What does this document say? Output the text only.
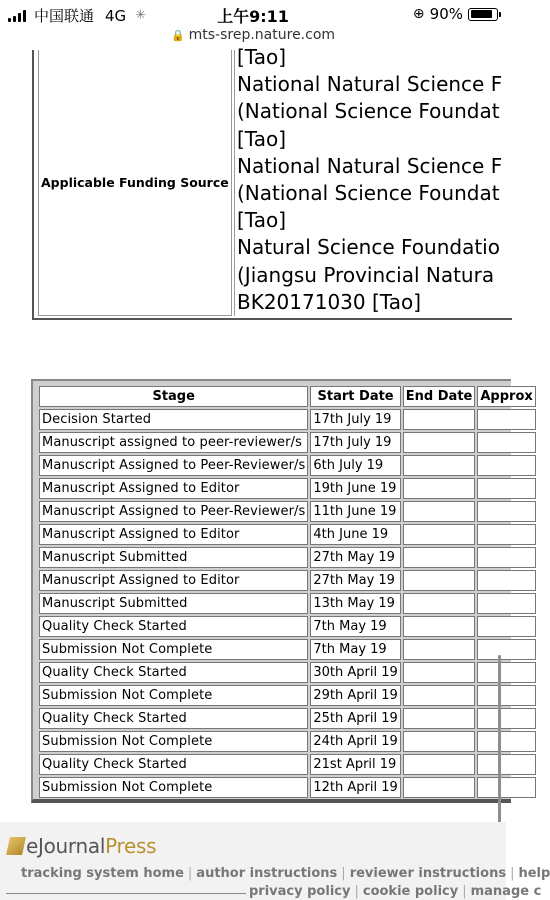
中国联通 4G ✳	上午9:11	⊕ 90%
🔒 mts-srep.nature.com
Applicable Funding Source
[Tao]
National Natural Science F
(National Science Foundat
[Tao]
National Natural Science F
(National Science Foundat
[Tao]
Natural Science Foundatio
(Jiangsu Provincial Natura
BK20171030 [Tao]
Stage	Start Date	End Date	Approx
Decision Started	17th July 19		
Manuscript assigned to peer-reviewer/s	17th July 19		
Manuscript Assigned to Peer-Reviewer/s	6th July 19		
Manuscript Assigned to Editor	19th June 19		
Manuscript Assigned to Peer-Reviewer/s	11th June 19		
Manuscript Assigned to Editor	4th June 19		
Manuscript Submitted	27th May 19		
Manuscript Assigned to Editor	27th May 19		
Manuscript Submitted	13th May 19		
Quality Check Started	7th May 19		
Submission Not Complete	7th May 19		
Quality Check Started	30th April 19		
Submission Not Complete	29th April 19		
Quality Check Started	25th April 19		
Submission Not Complete	24th April 19		
Quality Check Started	21st April 19		
Submission Not Complete	12th April 19		
eJournalPress
tracking system home | author instructions | reviewer instructions | help
privacy policy | cookie policy | manage c
